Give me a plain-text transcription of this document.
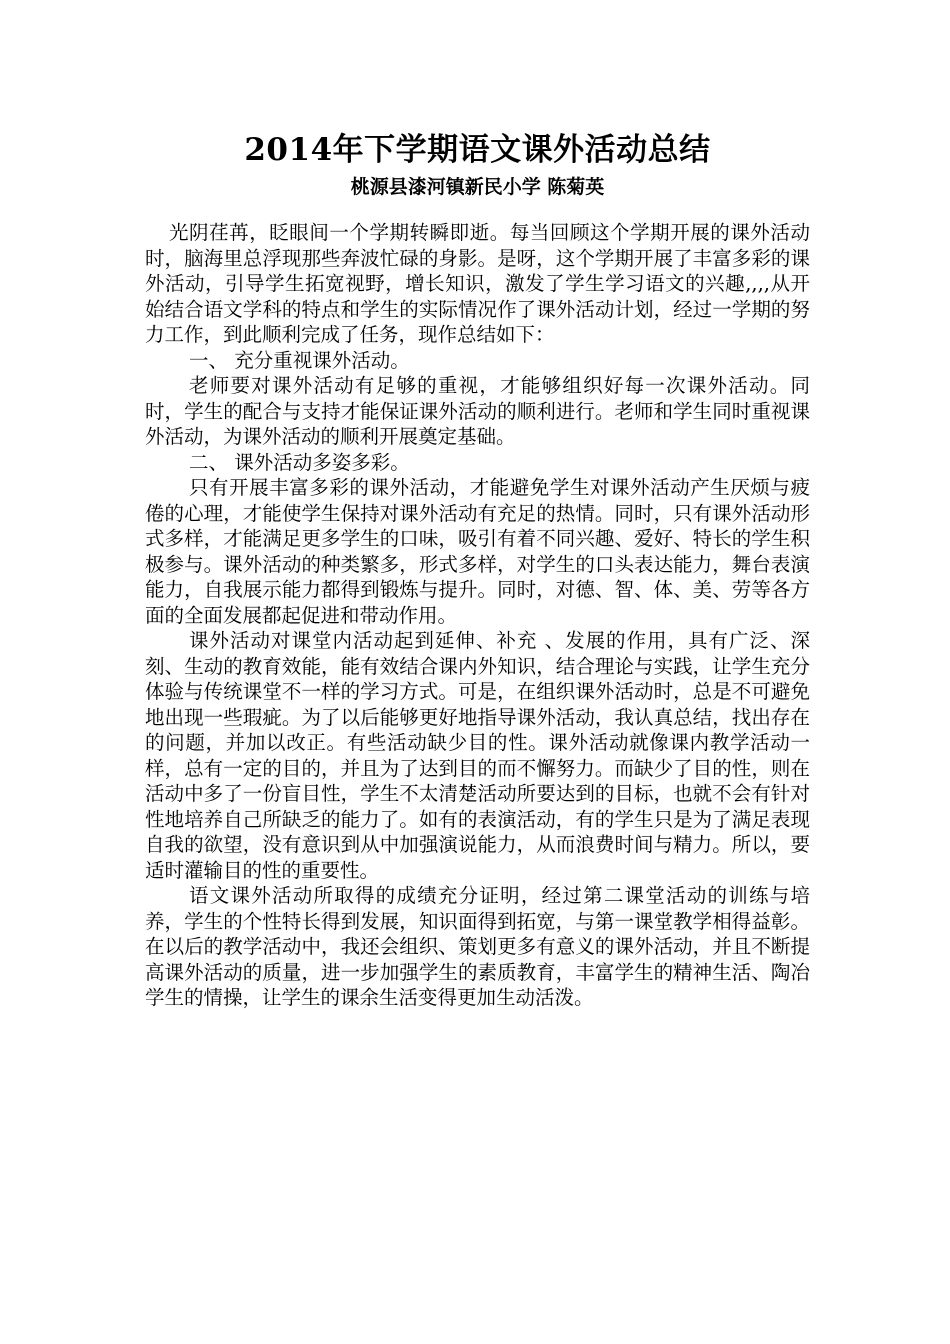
2014年下学期语文课外活动总结
桃源县漆河镇新民小学 陈菊英

光阴荏苒，眨眼间一个学期转瞬即逝。每当回顾这个学期开展的课外活动时，脑海里总浮现那些奔波忙碌的身影。是呀，这个学期开展了丰富多彩的课外活动，引导学生拓宽视野，增长知识，激发了学生学习语文的兴趣,,,,从开始结合语文学科的特点和学生的实际情况作了课外活动计划，经过一学期的努力工作，到此顺利完成了任务，现作总结如下：

一、 充分重视课外活动。

老师要对课外活动有足够的重视，才能够组织好每一次课外活动。同时，学生的配合与支持才能保证课外活动的顺利进行。老师和学生同时重视课外活动，为课外活动的顺利开展奠定基础。

二、 课外活动多姿多彩。

只有开展丰富多彩的课外活动，才能避免学生对课外活动产生厌烦与疲倦的心理，才能使学生保持对课外活动有充足的热情。同时，只有课外活动形式多样，才能满足更多学生的口味，吸引有着不同兴趣、爱好、特长的学生积极参与。课外活动的种类繁多，形式多样，对学生的口头表达能力，舞台表演能力，自我展示能力都得到锻炼与提升。同时，对德、智、体、美、劳等各方面的全面发展都起促进和带动作用。

课外活动对课堂内活动起到延伸、补充 、发展的作用，具有广泛、深刻、生动的教育效能，能有效结合课内外知识，结合理论与实践，让学生充分体验与传统课堂不一样的学习方式。可是，在组织课外活动时，总是不可避免地出现一些瑕疵。为了以后能够更好地指导课外活动，我认真总结，找出存在的问题，并加以改正。有些活动缺少目的性。课外活动就像课内教学活动一样，总有一定的目的，并且为了达到目的而不懈努力。而缺少了目的性，则在活动中多了一份盲目性，学生不太清楚活动所要达到的目标，也就不会有针对性地培养自己所缺乏的能力了。如有的表演活动，有的学生只是为了满足表现自我的欲望，没有意识到从中加强演说能力，从而浪费时间与精力。所以，要适时灌输目的性的重要性。

语文课外活动所取得的成绩充分证明，经过第二课堂活动的训练与培养，学生的个性特长得到发展，知识面得到拓宽，与第一课堂教学相得益彰。在以后的教学活动中，我还会组织、策划更多有意义的课外活动，并且不断提高课外活动的质量，进一步加强学生的素质教育，丰富学生的精神生活、陶冶学生的情操，让学生的课余生活变得更加生动活泼。
